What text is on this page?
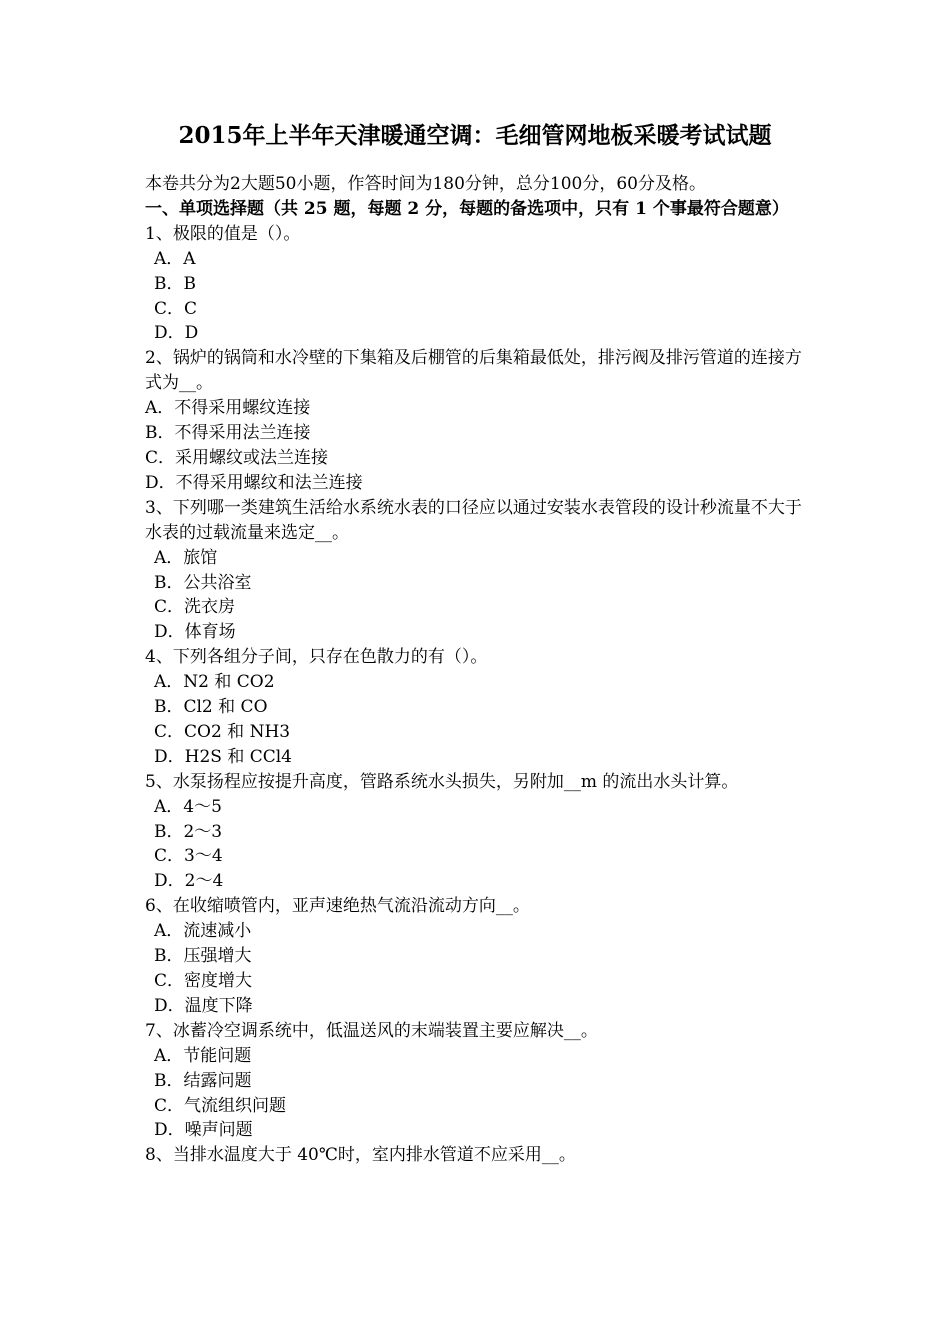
2015年上半年天津暖通空调：毛细管网地板采暖考试试题
本卷共分为2大题50小题，作答时间为180分钟，总分100分，60分及格。
一、单项选择题（共 25 题，每题 2 分，每题的备选项中，只有 1 个事最符合题意）
1、极限的值是（）。
A．A
B．B
C．C
D．D
2、锅炉的锅筒和水冷壁的下集箱及后棚管的后集箱最低处，排污阀及排污管道的连接方式为__。
A．不得采用螺纹连接
B．不得采用法兰连接
C．采用螺纹或法兰连接
D．不得采用螺纹和法兰连接
3、下列哪一类建筑生活给水系统水表的口径应以通过安装水表管段的设计秒流量不大于水表的过载流量来选定__。
A．旅馆
B．公共浴室
C．洗衣房
D．体育场
4、下列各组分子间，只存在色散力的有（）。
A．N2 和 CO2
B．Cl2 和 CO
C．CO2 和 NH3
D．H2S 和 CCl4
5、水泵扬程应按提升高度，管路系统水头损失，另附加__m 的流出水头计算。
A．4～5
B．2～3
C．3～4
D．2～4
6、在收缩喷管内，亚声速绝热气流沿流动方向__。
A．流速减小
B．压强增大
C．密度增大
D．温度下降
7、冰蓄冷空调系统中，低温送风的末端装置主要应解决__。
A．节能问题
B．结露问题
C．气流组织问题
D．噪声问题
8、当排水温度大于 40℃时，室内排水管道不应采用__。
